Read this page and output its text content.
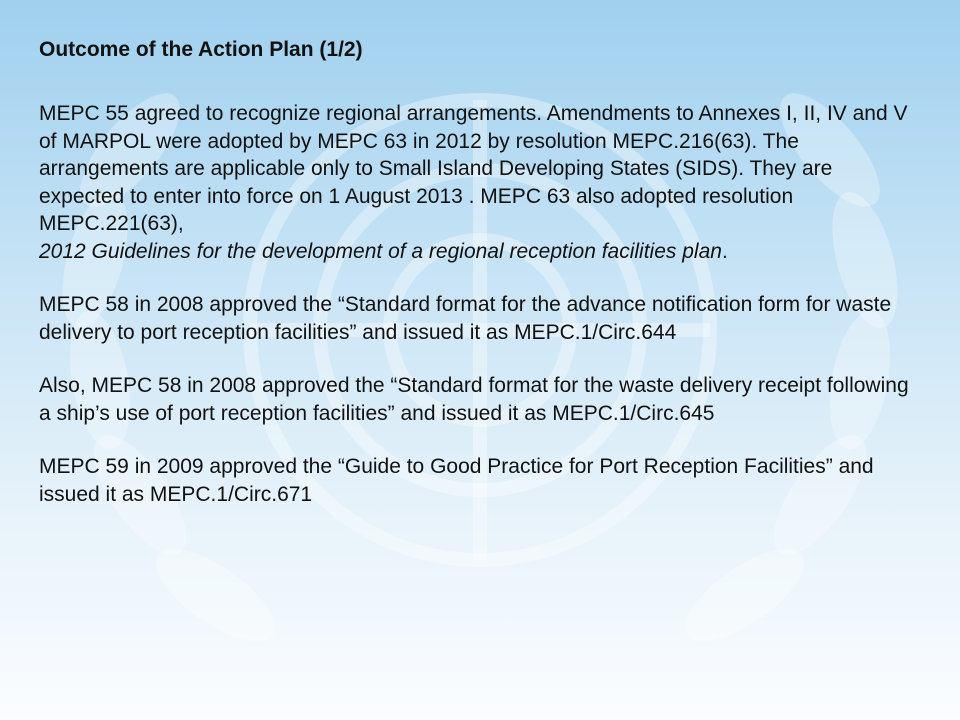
Outcome of the Action Plan (1/2)

MEPC 55 agreed to recognize regional arrangements. Amendments to Annexes I, II, IV and V of MARPOL were adopted by MEPC 63 in 2012 by resolution MEPC.216(63). The arrangements are applicable only to Small Island Developing States (SIDS). They are expected to enter into force on 1 August 2013 . MEPC 63 also adopted resolution MEPC.221(63),
2012 Guidelines for the development of a regional reception facilities plan.

MEPC 58 in 2008 approved the “Standard format for the advance notification form for waste delivery to port reception facilities” and issued it as MEPC.1/Circ.644

Also, MEPC 58 in 2008 approved the “Standard format for the waste delivery receipt following a ship’s use of port reception facilities” and issued it as MEPC.1/Circ.645

MEPC 59 in 2009 approved the “Guide to Good Practice for Port Reception Facilities” and issued it as MEPC.1/Circ.671
